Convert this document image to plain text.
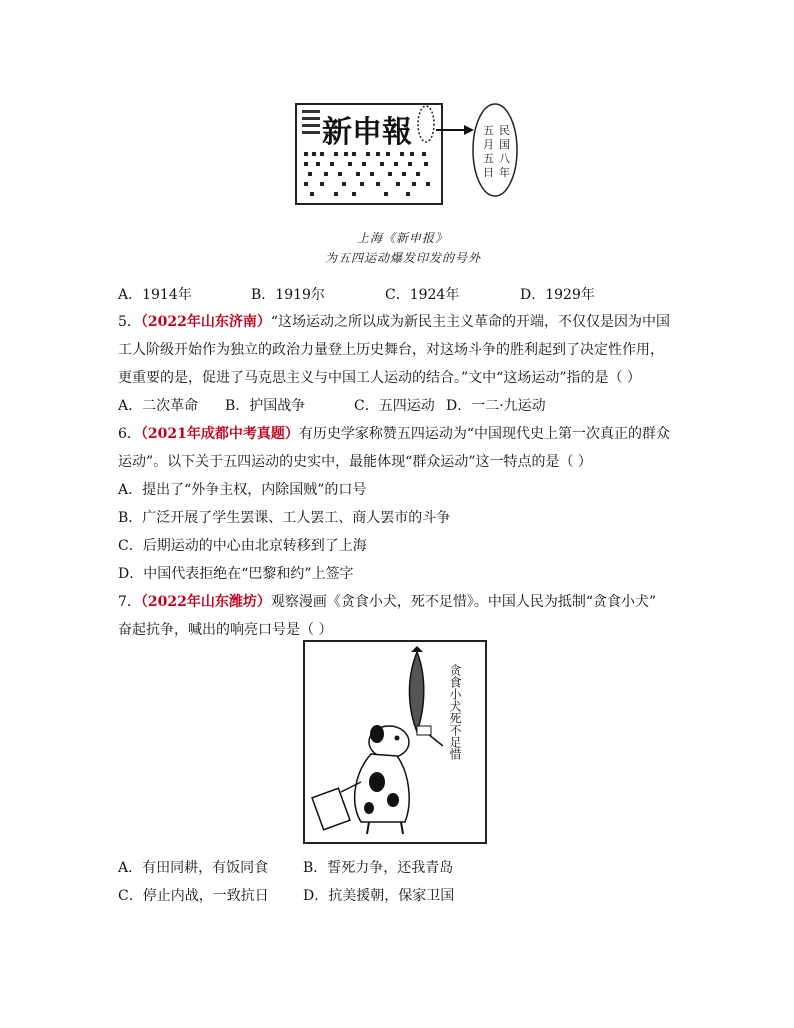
新申報	民
国
八
年
五
月
五
日
上海《新申报》
为五四运动爆发印发的号外
A．1914年	B．1919尔	C．1924年	D．1929年
5．（2022年山东济南）“这场运动之所以成为新民主主义革命的开端，不仅仅是因为中国
工人阶级开始作为独立的政治力量登上历史舞台，对这场斗争的胜利起到了决定性作用，
更重要的是，促进了马克思主义与中国工人运动的结合。”文中“这场运动”指的是（ ）
A．二次革命 B．护国战争	C．五四运动 D．一二·九运动
6．（2021年成都中考真题）有历史学家称赞五四运动为“中国现代史上第一次真正的群众
运动”。以下关于五四运动的史实中，最能体现“群众运动”这一特点的是（ ）
A．提出了“外争主权，内除国贼”的口号
B．广泛开展了学生罢课、工人罢工、商人罢市的斗争
C．后期运动的中心由北京转移到了上海
D．中国代表拒绝在“巴黎和约”上签字
7．（2022年山东潍坊）观察漫画《贪食小犬，死不足惜》。中国人民为抵制“贪食小犬”
奋起抗争，喊出的响亮口号是（ ）
贪食小犬死不足惜
A．有田同耕，有饭同食 B．誓死力争，还我青岛
C．停止内战，一致抗日 D．抗美援朝，保家卫国
